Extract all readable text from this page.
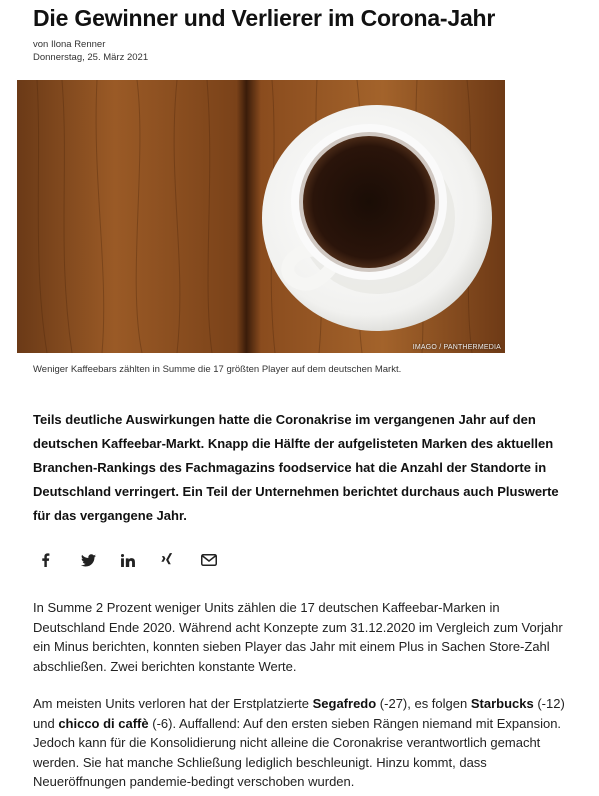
Die Gewinner und Verlierer im Corona-Jahr
von Ilona Renner
Donnerstag, 25. März 2021
IMAGO / PANTHERMEDIA
Weniger Kaffeebars zählten in Summe die 17 größten Player auf dem deutschen Markt.
Teils deutliche Auswirkungen hatte die Coronakrise im vergangenen Jahr auf den deutschen Kaffeebar-Markt. Knapp die Hälfte der aufgelisteten Marken des aktuellen Branchen-Rankings des Fachmagazins foodservice hat die Anzahl der Standorte in Deutschland verringert. Ein Teil der Unternehmen berichtet durchaus auch Pluswerte für das vergangene Jahr.
In Summe 2 Prozent weniger Units zählen die 17 deutschen Kaffeebar-Marken in Deutschland Ende 2020. Während acht Konzepte zum 31.12.2020 im Vergleich zum Vorjahr ein Minus berichten, konnten sieben Player das Jahr mit einem Plus in Sachen Store-Zahl abschließen. Zwei berichten konstante Werte.
Am meisten Units verloren hat der Erstplatzierte Segafredo (-27), es folgen Starbucks (-12) und chicco di caffè (-6). Auffallend: Auf den ersten sieben Rängen niemand mit Expansion. Jedoch kann für die Konsolidierung nicht alleine die Coronakrise verantwortlich gemacht werden. Sie hat manche Schließung lediglich beschleunigt. Hinzu kommt, dass Neueröffnungen pandemie-bedingt verschoben wurden.
